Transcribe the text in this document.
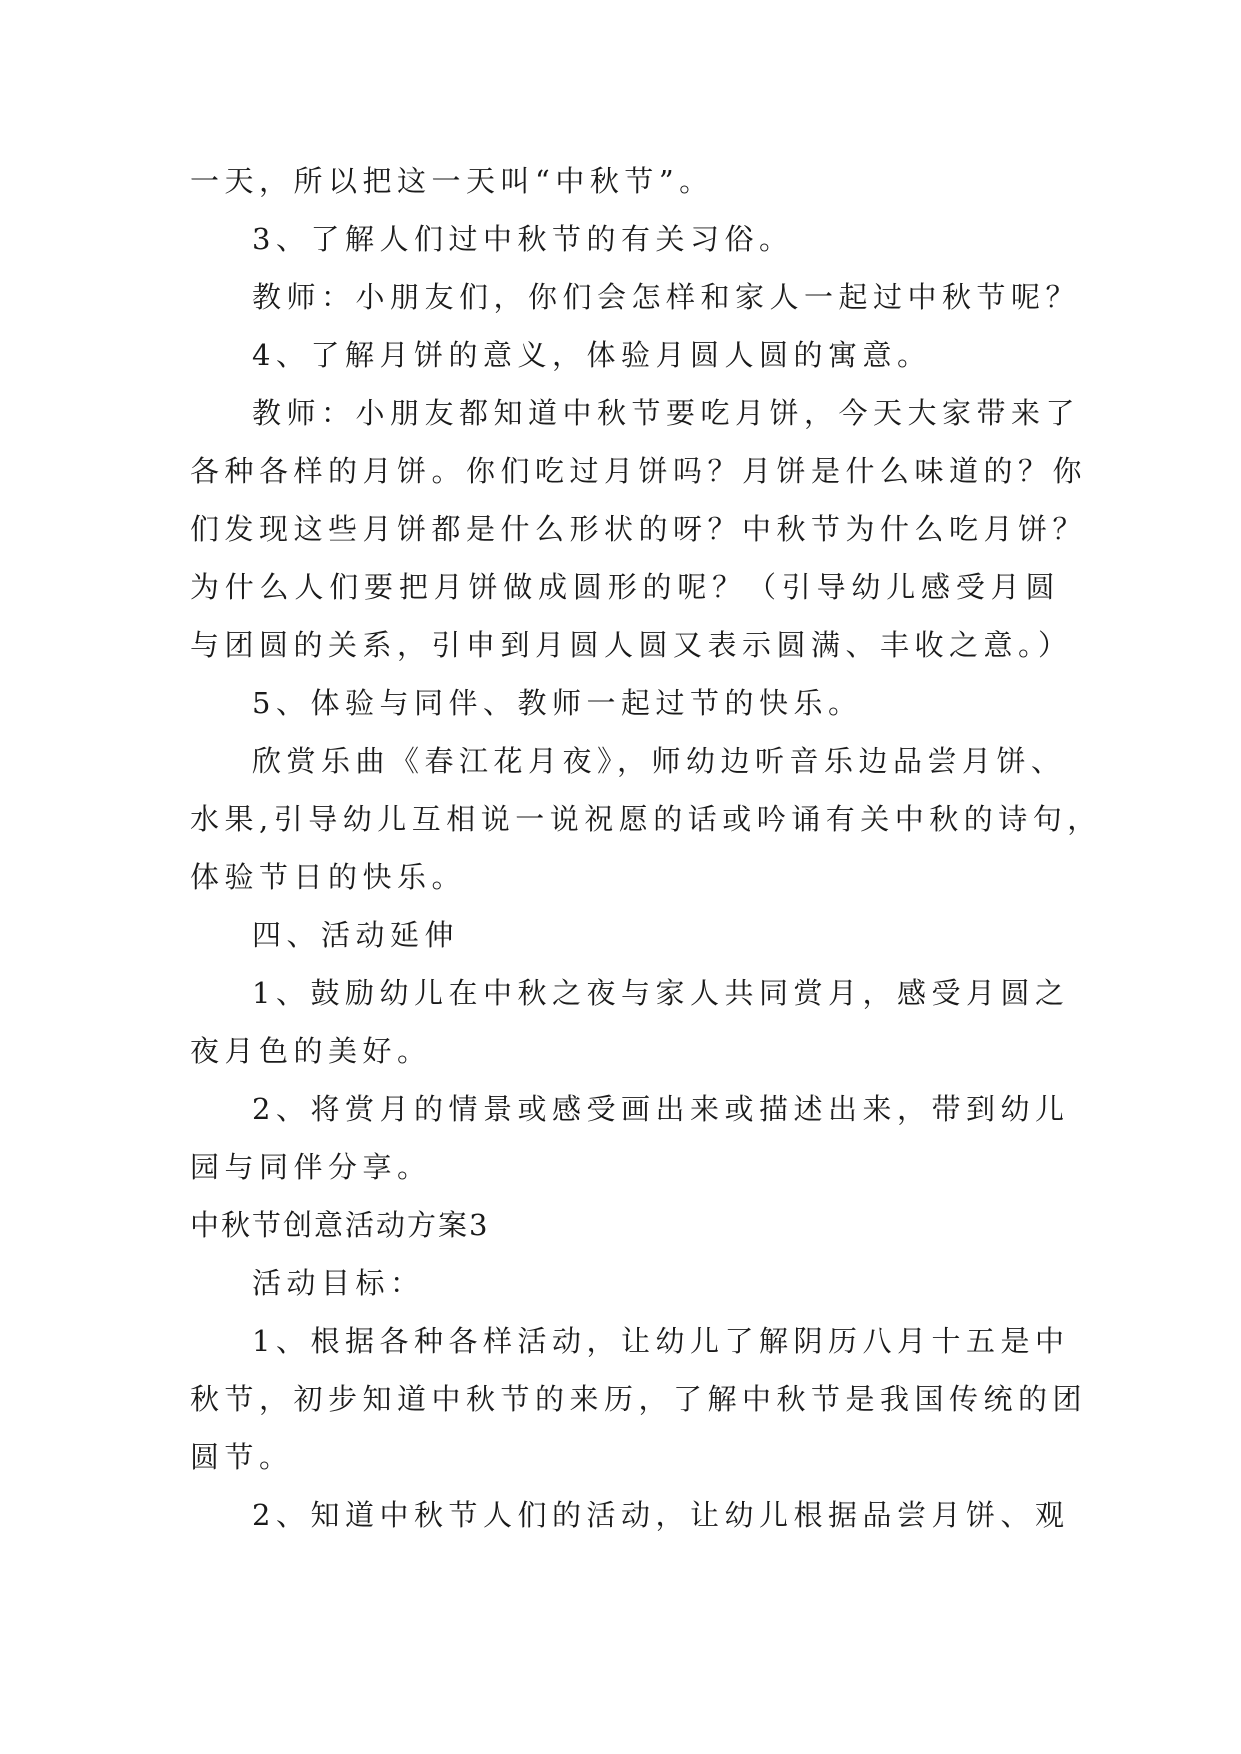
一天，所以把这一天叫“中秋节”。
3、了解人们过中秋节的有关习俗。
教师：小朋友们，你们会怎样和家人一起过中秋节呢？
4、了解月饼的意义，体验月圆人圆的寓意。
教师：小朋友都知道中秋节要吃月饼，今天大家带来了
各种各样的月饼。你们吃过月饼吗？月饼是什么味道的？你
们发现这些月饼都是什么形状的呀？中秋节为什么吃月饼？
为什么人们要把月饼做成圆形的呢？（引导幼儿感受月圆
与团圆的关系，引申到月圆人圆又表示圆满、丰收之意。）
5、体验与同伴、教师一起过节的快乐。
欣赏乐曲《春江花月夜》，师幼边听音乐边品尝月饼、
水果,引导幼儿互相说一说祝愿的话或吟诵有关中秋的诗句，
体验节日的快乐。
四、活动延伸
1、鼓励幼儿在中秋之夜与家人共同赏月，感受月圆之
夜月色的美好。
2、将赏月的情景或感受画出来或描述出来，带到幼儿
园与同伴分享。
中秋节创意活动方案3
活动目标：
1、根据各种各样活动，让幼儿了解阴历八月十五是中
秋节，初步知道中秋节的来历，了解中秋节是我国传统的团
圆节。
2、知道中秋节人们的活动，让幼儿根据品尝月饼、观
